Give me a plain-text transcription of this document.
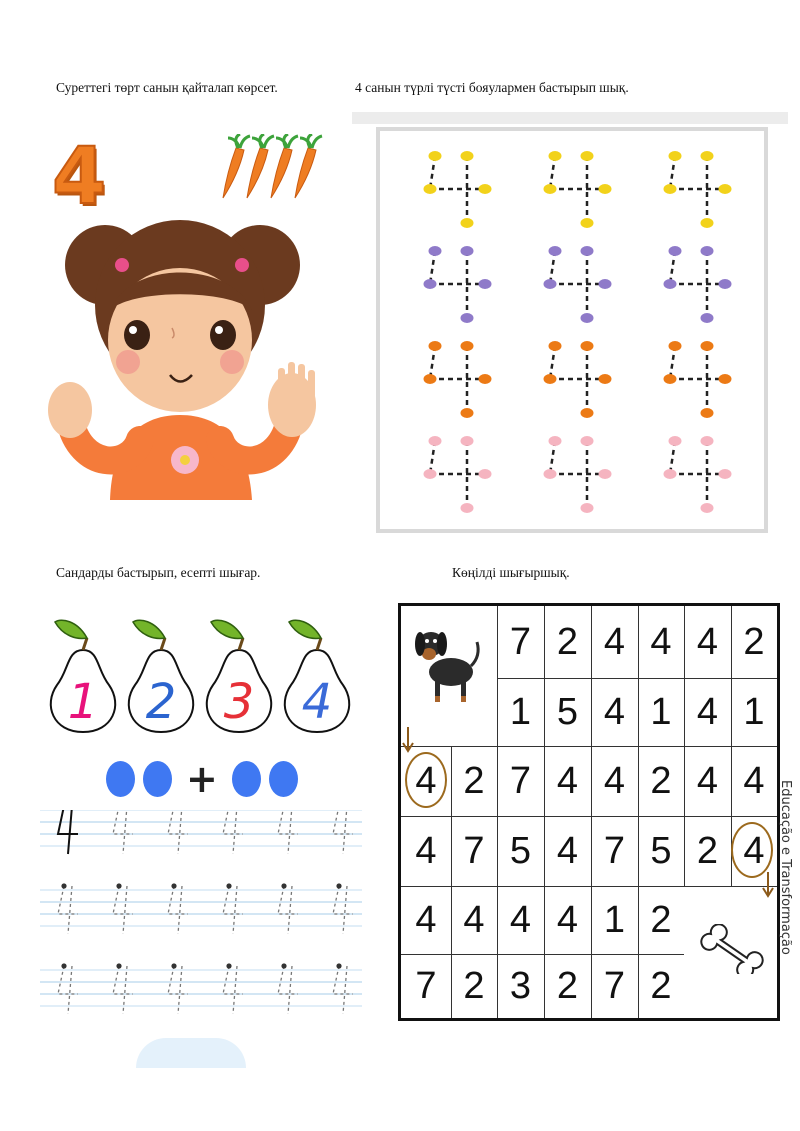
Суреттегі төрт санын қайталап көрсет.	4 санын түрлі түсті бояулармен бастырып шық.
Сандарды бастырып, есепті шығар.	Көңілді шығыршық.
4
1 2 3 4
+
7 2 4 4 4 2
1 5 4 1 4 1
4 2 7 4 4 2 4 4
4 7 5 4 7 5 2 4
4 4 4 4 1 2
7 2 3 2 7 2
Educação e Transformação
